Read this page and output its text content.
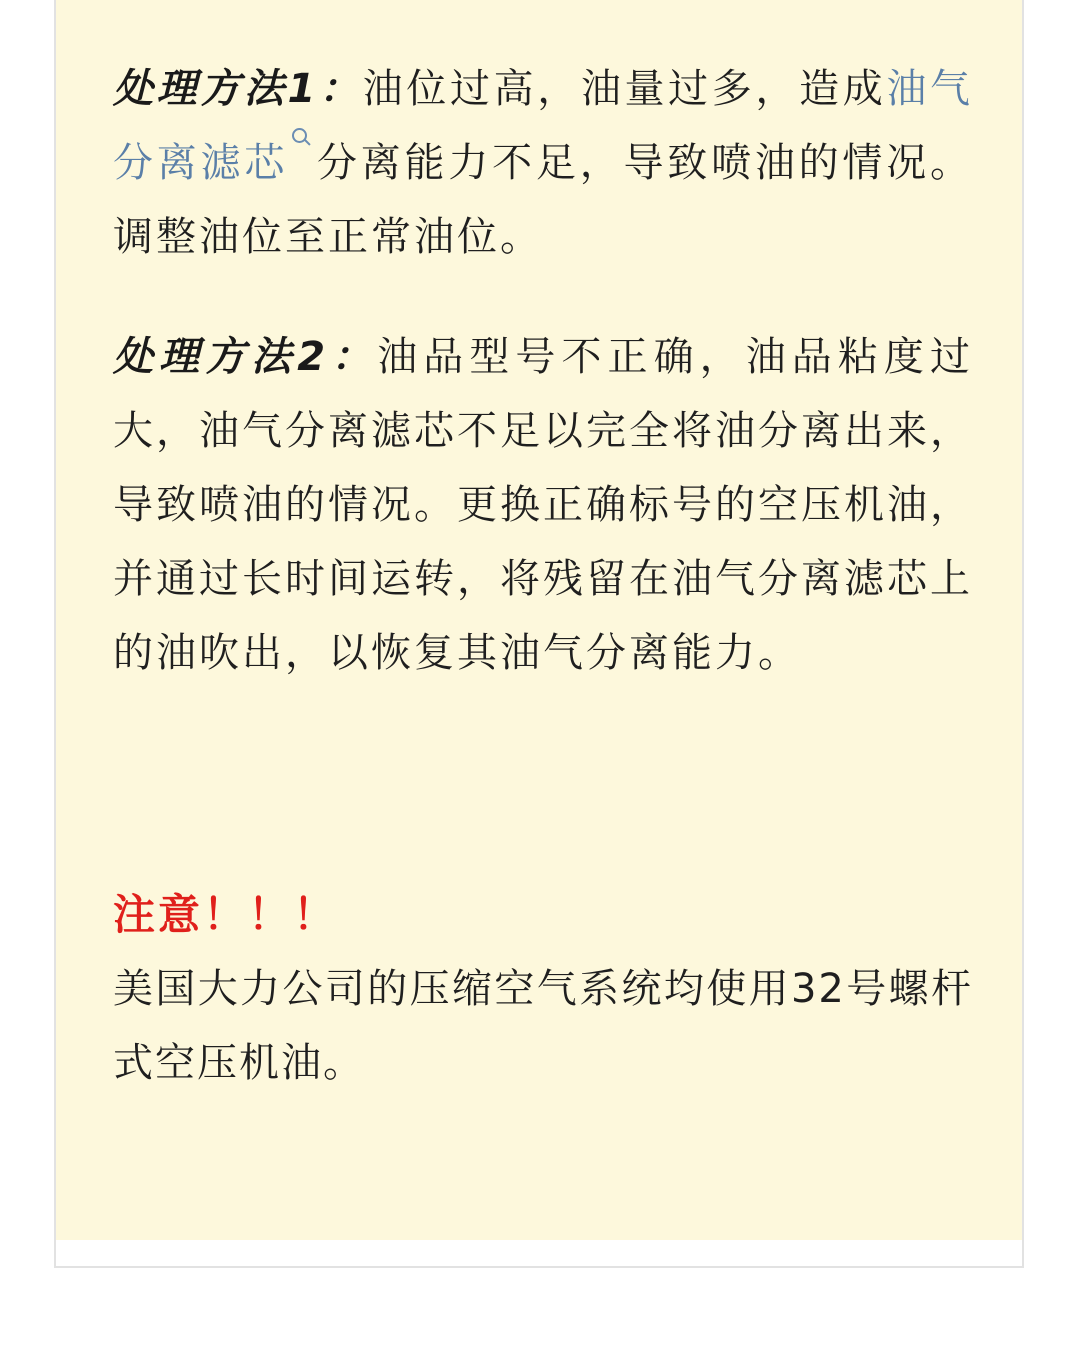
处理方法1：油位过高，油量过多，造成油气分离滤芯 分离能力不足，导致喷油的情况。调整油位至正常油位。
处理方法2：油品型号不正确，油品粘度过大，油气分离滤芯不足以完全将油分离出来，导致喷油的情况。更换正确标号的空压机油，并通过长时间运转，将残留在油气分离滤芯上的油吹出，以恢复其油气分离能力。
注意！！！
美国大力公司的压缩空气系统均使用32号螺杆式空压机油。
